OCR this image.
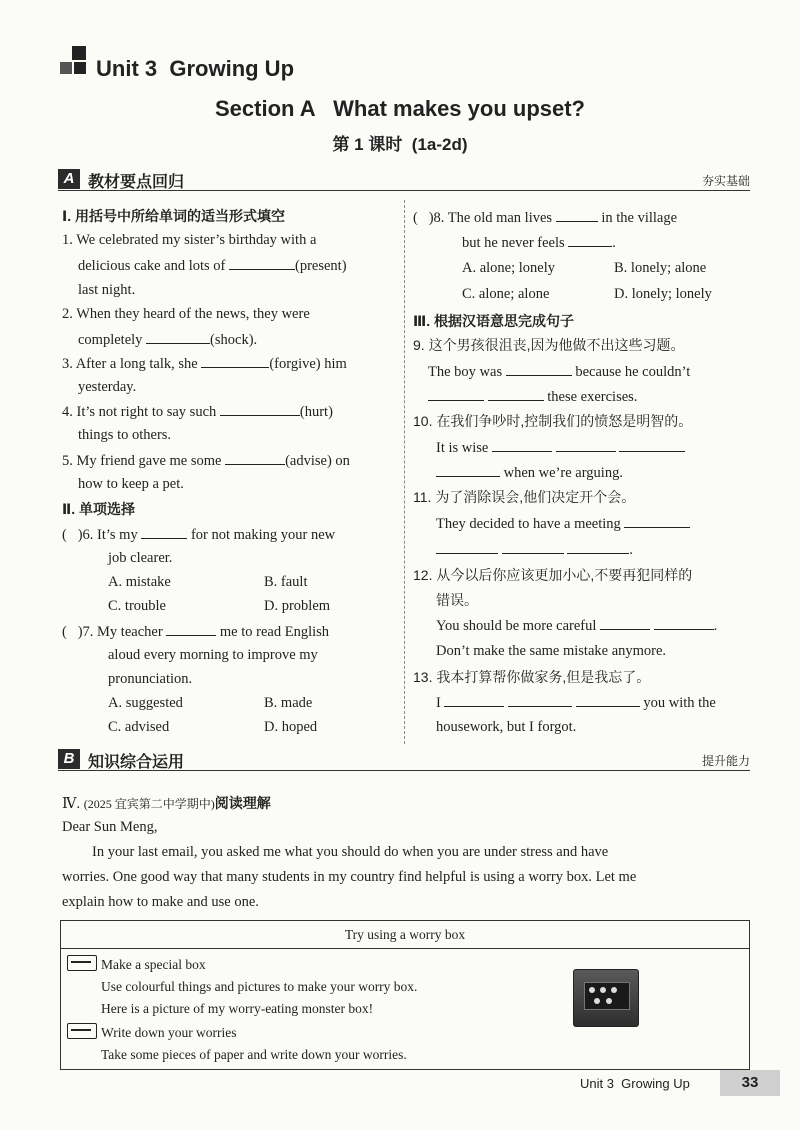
Unit 3 Growing Up
Section A   What makes you upset?
第 1 课时  (1a-2d)
A 教材要点回归	夯实基础
Ⅰ. 用括号中所给单词的适当形式填空
1. We celebrated my sister’s birthday with a
delicious cake and lots of	(present)
last night.
2. When they heard of the news, they were
completely	(shock).
3. After a long talk, she	(forgive) him
yesterday.
4. It’s not right to say such	(hurt)
things to others.
5. My friend gave me some	(advise) on
how to keep a pet.
Ⅱ. 单项选择
(   )6. It’s my	for not making your new
job clearer.
A. mistake	B. fault
C. trouble	D. problem
(   )7. My teacher	me to read English
aloud every morning to improve my
pronunciation.
A. suggested	B. made
C. advised	D. hoped
(   )8. The old man lives	in the village
but he never feels	.
A. alone; lonely	B. lonely; alone
C. alone; alone	D. lonely; lonely
Ⅲ. 根据汉语意思完成句子
9. 这个男孩很沮丧,因为他做不出这些习题。
The boy was	because he couldn’t
these exercises.
10. 在我们争吵时,控制我们的愤怒是明智的。
It is wise
when we’re arguing.
11. 为了消除误会,他们决定开个会。
They decided to have a meeting
.
12. 从今以后你应该更加小心,不要再犯同样的
错误。
You should be more careful	.
Don’t make the same mistake anymore.
13. 我本打算帮你做家务,但是我忘了。
I	you with the
housework, but I forgot.
B 知识综合运用	提升能力
Ⅳ. (2025 宜宾第二中学期中)阅读理解
Dear Sun Meng,
In your last email, you asked me what you should do when you are under stress and have
worries. One good way that many students in my country find helpful is using a worry box. Let me
explain how to make and use one.
Try using a worry box
Make a special box
Use colourful things and pictures to make your worry box.
Here is a picture of my worry-eating monster box!
Write down your worries
Take some pieces of paper and write down your worries.
Unit 3  Growing Up	33
